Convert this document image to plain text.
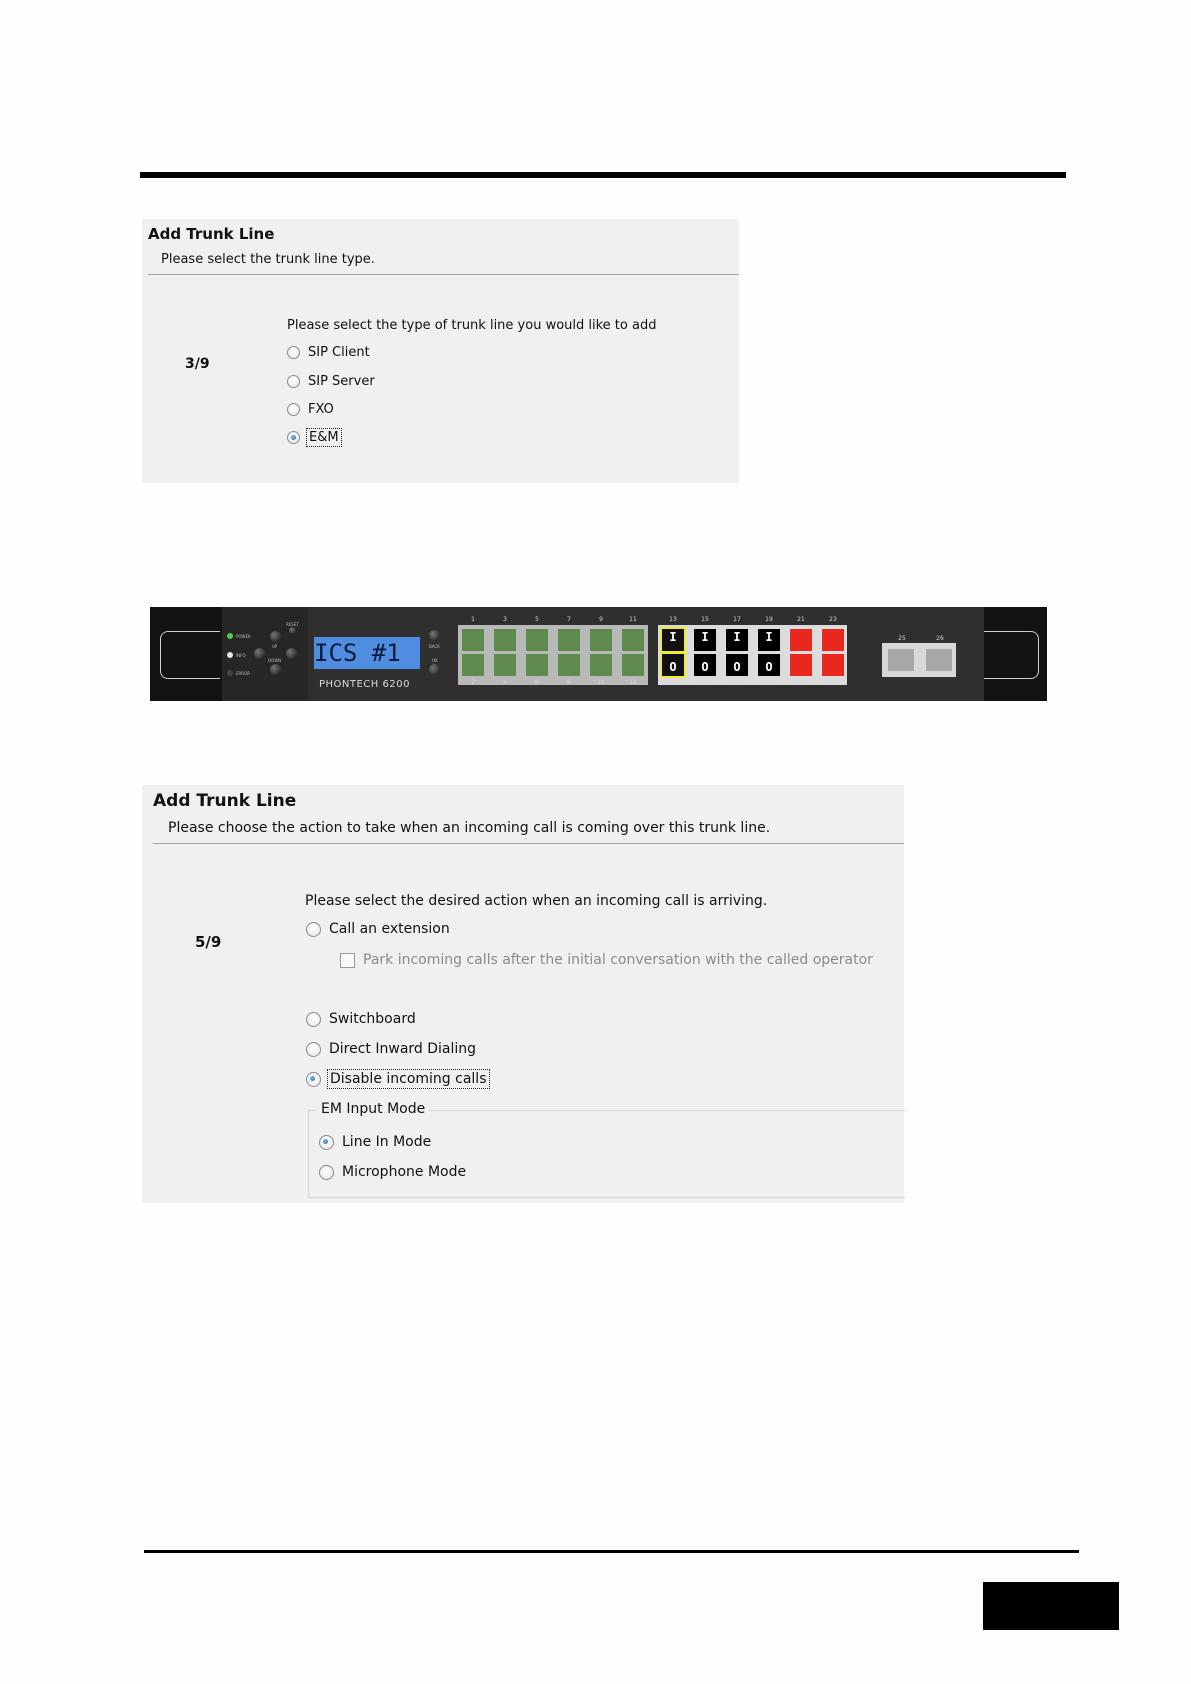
Add Trunk Line
Please select the trunk line type.
3/9
Please select the type of trunk line you would like to add
SIP Client
SIP Server
FXO
E&M
POWER
INFO
ERROR
RESET
UP
DOWN ICS #1
PHONTECH 6200
BACK
OK
1
2
3
4
5
6
7
8
9
10
11
12
13
14
I
O
15
16
I
O
17
18
I
O
19
20
I
O
21
22
23
24
25	26
Add Trunk Line
Please choose the action to take when an incoming call is coming over this trunk line.
5/9
Please select the desired action when an incoming call is arriving.
Call an extension
Park incoming calls after the initial conversation with the called operator
Switchboard
Direct Inward Dialing
Disable incoming calls
EM Input Mode
Line In Mode
Microphone Mode
